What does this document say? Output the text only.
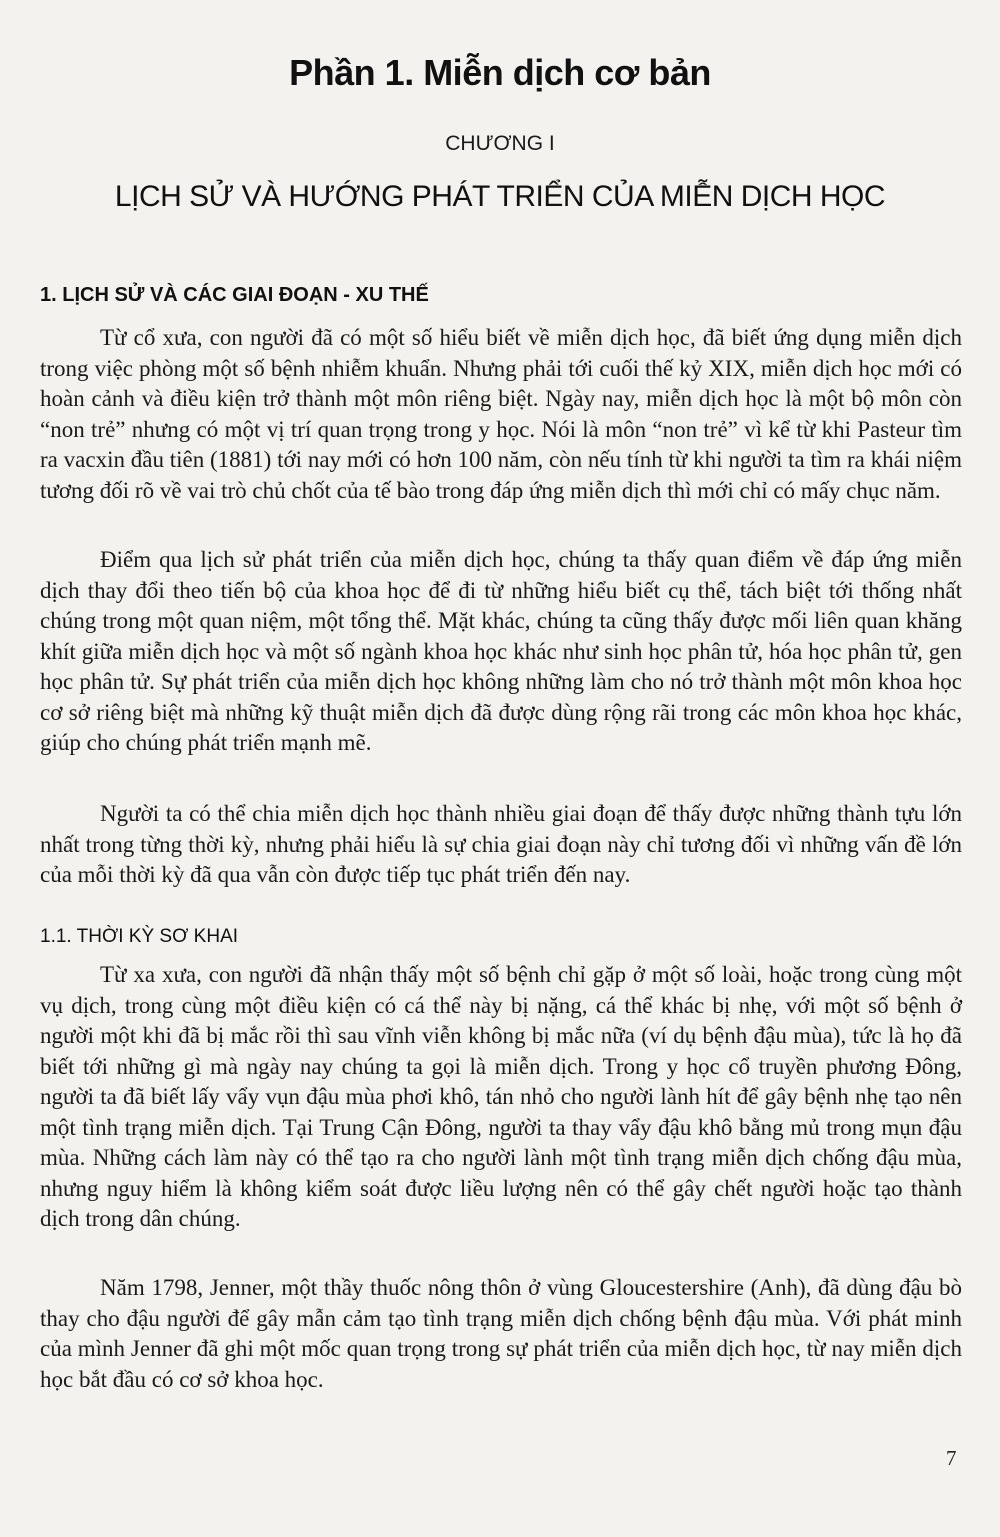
Phần 1. Miễn dịch cơ bản
CHƯƠNG I
LỊCH SỬ VÀ HƯỚNG PHÁT TRIỂN CỦA MIỄN DỊCH HỌC
1. LỊCH SỬ VÀ CÁC GIAI ĐOẠN - XU THẾ

Từ cổ xưa, con người đã có một số hiểu biết về miễn dịch học, đã biết ứng dụng miễn dịch trong việc phòng một số bệnh nhiễm khuẩn. Nhưng phải tới cuối thế kỷ XIX, miễn dịch học mới có hoàn cảnh và điều kiện trở thành một môn riêng biệt. Ngày nay, miễn dịch học là một bộ môn còn “non trẻ” nhưng có một vị trí quan trọng trong y học. Nói là môn “non trẻ” vì kể từ khi Pasteur tìm ra vacxin đầu tiên (1881) tới nay mới có hơn 100 năm, còn nếu tính từ khi người ta tìm ra khái niệm tương đối rõ về vai trò chủ chốt của tế bào trong đáp ứng miễn dịch thì mới chỉ có mấy chục năm.

Điểm qua lịch sử phát triển của miễn dịch học, chúng ta thấy quan điểm về đáp ứng miễn dịch thay đổi theo tiến bộ của khoa học để đi từ những hiểu biết cụ thể, tách biệt tới thống nhất chúng trong một quan niệm, một tổng thể. Mặt khác, chúng ta cũng thấy được mối liên quan khăng khít giữa miễn dịch học và một số ngành khoa học khác như sinh học phân tử, hóa học phân tử, gen học phân tử. Sự phát triển của miễn dịch học không những làm cho nó trở thành một môn khoa học cơ sở riêng biệt mà những kỹ thuật miễn dịch đã được dùng rộng rãi trong các môn khoa học khác, giúp cho chúng phát triển mạnh mẽ.

Người ta có thể chia miễn dịch học thành nhiều giai đoạn để thấy được những thành tựu lớn nhất trong từng thời kỳ, nhưng phải hiểu là sự chia giai đoạn này chỉ tương đối vì những vấn đề lớn của mỗi thời kỳ đã qua vẫn còn được tiếp tục phát triển đến nay.

1.1. THỜI KỲ SƠ KHAI

Từ xa xưa, con người đã nhận thấy một số bệnh chỉ gặp ở một số loài, hoặc trong cùng một vụ dịch, trong cùng một điều kiện có cá thể này bị nặng, cá thể khác bị nhẹ, với một số bệnh ở người một khi đã bị mắc rồi thì sau vĩnh viễn không bị mắc nữa (ví dụ bệnh đậu mùa), tức là họ đã biết tới những gì mà ngày nay chúng ta gọi là miễn dịch. Trong y học cổ truyền phương Đông, người ta đã biết lấy vẩy vụn đậu mùa phơi khô, tán nhỏ cho người lành hít để gây bệnh nhẹ tạo nên một tình trạng miễn dịch. Tại Trung Cận Đông, người ta thay vẩy đậu khô bằng mủ trong mụn đậu mùa. Những cách làm này có thể tạo ra cho người lành một tình trạng miễn dịch chống đậu mùa, nhưng nguy hiểm là không kiểm soát được liều lượng nên có thể gây chết người hoặc tạo thành dịch trong dân chúng.

Năm 1798, Jenner, một thầy thuốc nông thôn ở vùng Gloucestershire (Anh), đã dùng đậu bò thay cho đậu người để gây mẫn cảm tạo tình trạng miễn dịch chống bệnh đậu mùa. Với phát minh của mình Jenner đã ghi một mốc quan trọng trong sự phát triển của miễn dịch học, từ nay miễn dịch học bắt đầu có cơ sở khoa học.

7
